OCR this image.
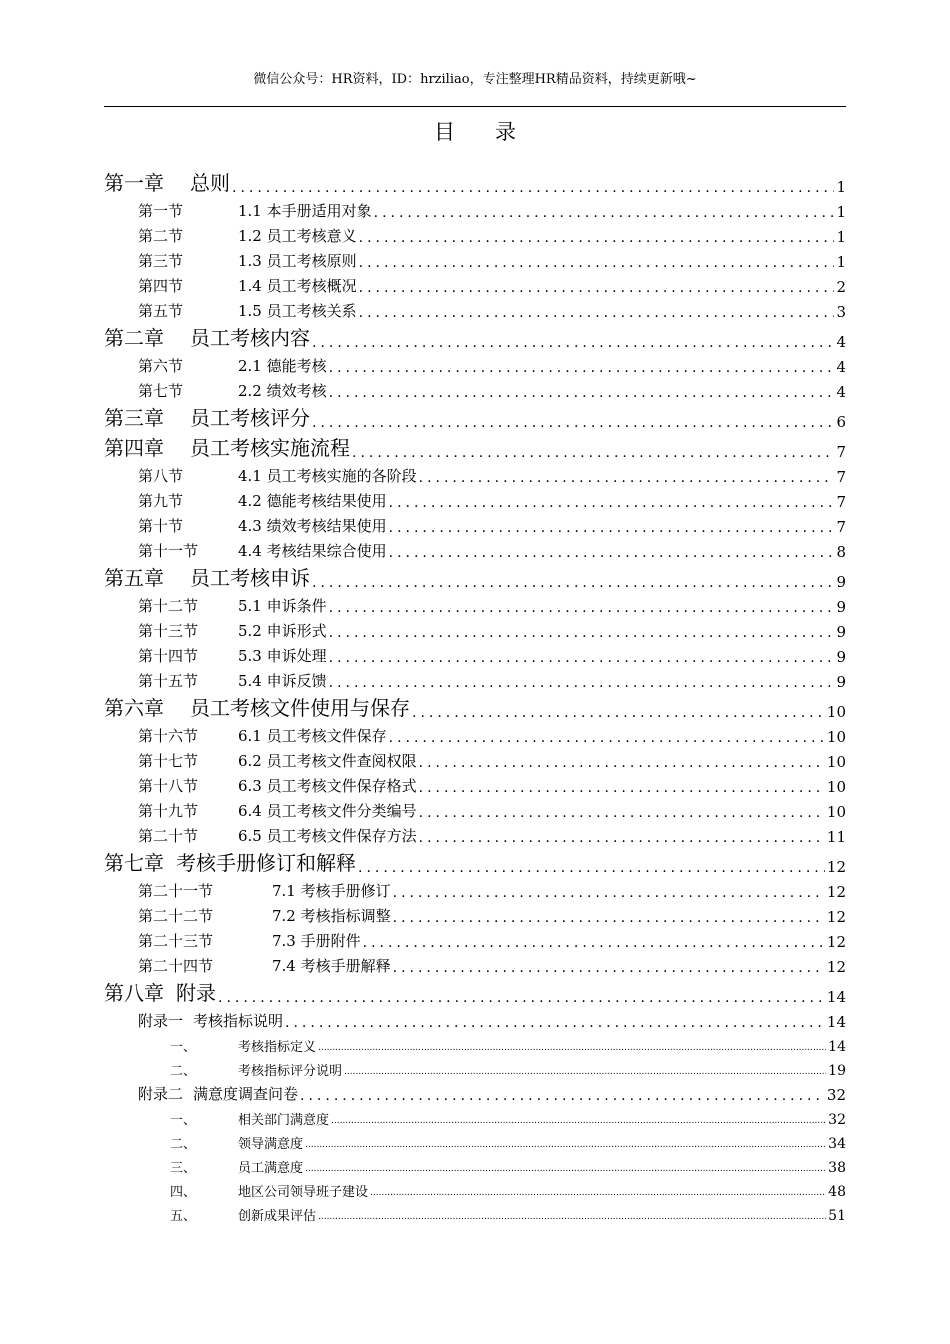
微信公众号：HR资料，ID：hrziliao，专注整理HR精品资料，持续更新哦~
目录
第一章 总则 .....	1
第一节	1.1 本手册适用对象 .....	1
第二节	1.2 员工考核意义 .....	1
第三节	1.3 员工考核原则 .....	1
第四节	1.4 员工考核概况 .....	2
第五节	1.5 员工考核关系 .....	3
第二章 员工考核内容 .....	4
第六节	2.1 德能考核 .....	4
第七节	2.2 绩效考核 .....	4
第三章 员工考核评分 .....	6
第四章 员工考核实施流程 .....	7
第八节	4.1 员工考核实施的各阶段 .....	7
第九节	4.2 德能考核结果使用 .....	7
第十节	4.3 绩效考核结果使用 .....	7
第十一节	4.4 考核结果综合使用 .....	8
第五章 员工考核申诉 .....	9
第十二节	5.1 申诉条件 .....	9
第十三节	5.2 申诉形式 .....	9
第十四节	5.3 申诉处理 .....	9
第十五节	5.4 申诉反馈 .....	9
第六章 员工考核文件使用与保存 .....	10
第十六节	6.1 员工考核文件保存 .....	10
第十七节	6.2 员工考核文件查阅权限 .....	10
第十八节	6.3 员工考核文件保存格式 .....	10
第十九节	6.4 员工考核文件分类编号 .....	10
第二十节	6.5 员工考核文件保存方法 .....	11
第七章 考核手册修订和解释 .....	12
第二十一节	7.1 考核手册修订 .....	12
第二十二节	7.2 考核指标调整 .....	12
第二十三节	7.3 手册附件 .....	12
第二十四节	7.4 考核手册解释 .....	12
第八章 附录 .....	14
附录一 考核指标说明 .....	14
一、	考核指标定义 .....	14
二、	考核指标评分说明 .....	19
附录二 满意度调查问卷 .....	32
一、	相关部门满意度 .....	32
二、	领导满意度 .....	34
三、	员工满意度 .....	38
四、	地区公司领导班子建设 .....	48
五、	创新成果评估 .....	51
